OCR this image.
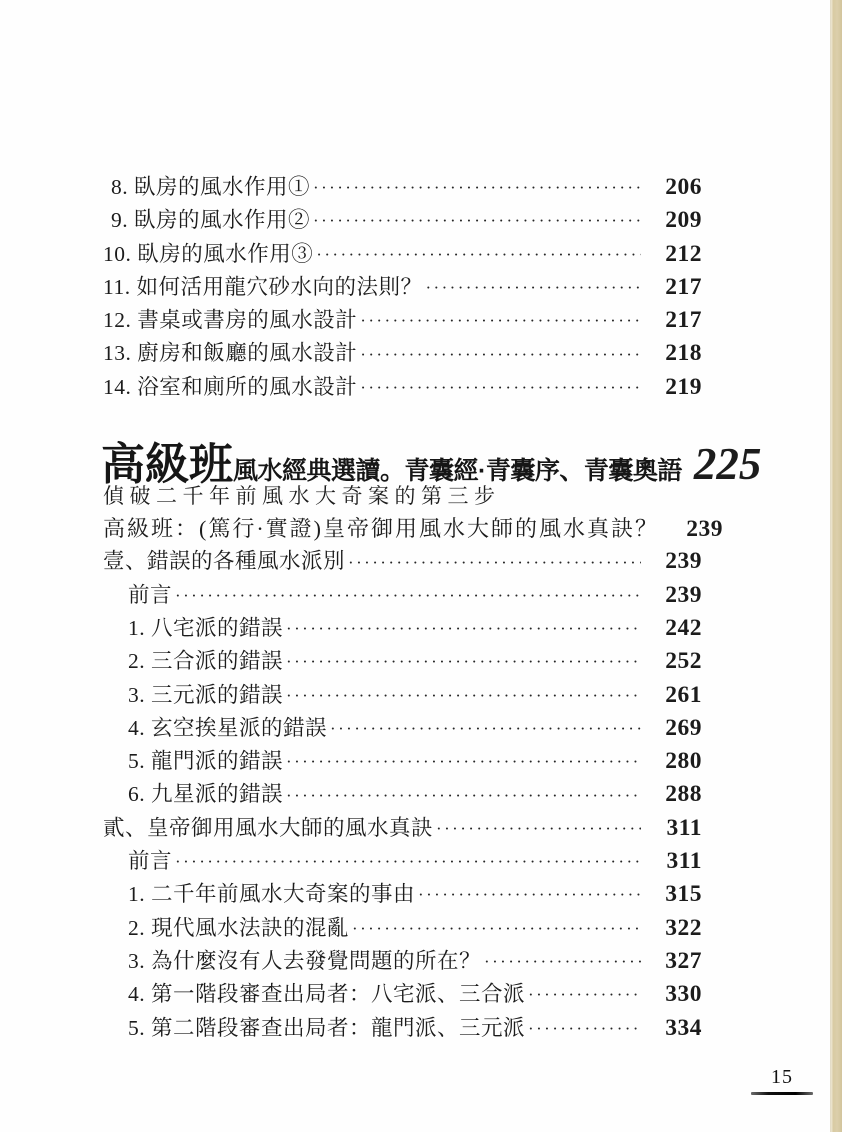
8. 臥房的風水作用① ·····	206
9. 臥房的風水作用② ·····	209
10. 臥房的風水作用③ ·····	212
11. 如何活用龍穴砂水向的法則？ ·····	217
12. 書桌或書房的風水設計 ·····	217
13. 廚房和飯廳的風水設計 ·····	218
14. 浴室和廁所的風水設計 ·····	219
高級班 風水經典選讀。青囊經·青囊序、青囊奧語 225
偵破二千年前風水大奇案的第三步
高級班：(篤行·實證)皇帝御用風水大師的風水真訣？	239
壹、錯誤的各種風水派別 ·····	239
前言 ·····	239
1. 八宅派的錯誤 ·····	242
2. 三合派的錯誤 ·····	252
3. 三元派的錯誤 ·····	261
4. 玄空挨星派的錯誤 ·····	269
5. 龍門派的錯誤 ·····	280
6. 九星派的錯誤 ·····	288
貳、皇帝御用風水大師的風水真訣 ·····	311
前言 ·····	311
1. 二千年前風水大奇案的事由 ·····	315
2. 現代風水法訣的混亂 ·····	322
3. 為什麼沒有人去發覺問題的所在？ ·····	327
4. 第一階段審查出局者：八宅派、三合派 ·····	330
5. 第二階段審查出局者：龍門派、三元派 ·····	334
15
